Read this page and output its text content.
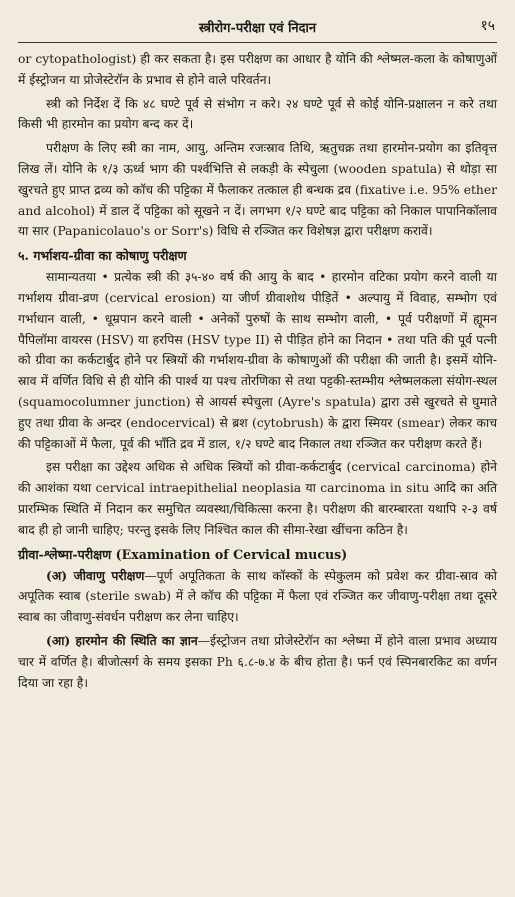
स्त्रीरोग-परीक्षा एवं निदान	१५

or cytopathologist) ही कर सकता है। इस परीक्षण का आधार है योनि की श्लेष्मल-कला के कोषाणुओं में ईस्ट्रोजन या प्रोजेस्टेरॉन के प्रभाव से होने वाले परिवर्तन।

स्त्री को निर्देश दें कि ४८ घण्टे पूर्व से संभोग न करे। २४ घण्टे पूर्व से कोई योनि-प्रक्षालन न करे तथा किसी भी हारमोन का प्रयोग बन्द कर दें।

परीक्षण के लिए स्त्री का नाम, आयु, अन्तिम रजःस्राव तिथि, ऋतुचक्र तथा हारमोन-प्रयोग का इतिवृत्त लिख लें। योनि के १/३ ऊर्ध्व भाग की पर्श्वभित्ति से लकड़ी के स्पेचुला (wooden spatula) से थोड़ा सा खुरचते हुए प्राप्त द्रव्य को कॉच की पट्टिका में फैलाकर तत्काल ही बन्धक द्रव (fixative i.e. 95% ether and alcohol) में डाल दें पट्टिका को सूखने न दें। लगभग १/२ घण्टे बाद पट्टिका को निकाल पापानिकॉलाव या सार (Papanicolauo's or Sorr's) विधि से रञ्जित कर विशेषज्ञ द्वारा परीक्षण करावें।

५. गर्भाशय-ग्रीवा का कोषाणु परीक्षण

सामान्यतया • प्रत्येक स्त्री की ३५-४० वर्ष की आयु के बाद • हारमोन वटिका प्रयोग करने वाली या गर्भाशय ग्रीवा-व्रण (cervical erosion) या जीर्ण ग्रीवाशोथ पीड़ितें • अल्पायु में विवाह, सम्भोग एवं गर्भाधान वाली, • धूम्रपान करने वाली • अनेकों पुरुषों के साथ सम्भोग वाली, • पूर्व परीक्षणों में ह्यूमन पैपिलॉमा वायरस (HSV) या हरपिस (HSV type II) से पीड़ित होने का निदान • तथा पति की पूर्व पत्नी को ग्रीवा का कर्कटार्बुद होने पर स्त्रियों की गर्भाशय-ग्रीवा के कोषाणुओं की परीक्षा की जाती है। इसमें योनि-स्राव में वर्णित विधि से ही योनि की पार्श्व या पश्च तोरणिका से तथा पट्टकी-स्तम्भीय श्लेष्मलकला संयोग-स्थल (squamocolumner junction) से आयर्स स्पेचुला (Ayre's spatula) द्वारा उसे खुरचते से घुमाते हुए तथा ग्रीवा के अन्दर (endocervical) से ब्रश (cytobrush) के द्वारा स्मियर (smear) लेकर काच की पट्टिकाओं में फैला, पूर्व की भाँति द्रव में डाल, १/२ घण्टे बाद निकाल तथा रञ्जित कर परीक्षण करते हैं।

इस परीक्षा का उद्देश्य अधिक से अधिक स्त्रियों को ग्रीवा-कर्कटार्बुद (cervical carcinoma) होने की आशंका यथा cervical intraepithelial neoplasia या carcinoma in situ आदि का अति प्रारम्भिक स्थिति में निदान कर समुचित व्यवस्था/चिकित्सा करना है। परीक्षण की बारम्बारता यथापि २-३ वर्ष बाद ही हो जानी चाहिए; परन्तु इसके लिए निश्चित काल की सीमा-रेखा खींचना कठिन है।

ग्रीवा-श्लेष्मा-परीक्षण (Examination of Cervical mucus)

(अ) जीवाणु परीक्षण—पूर्ण अपूतिकता के साथ कॉस्कों के स्पेकुलम को प्रवेश कर ग्रीवा-स्राव को अपूतिक स्वाब (sterile swab) में ले कॉच की पट्टिका में फैला एवं रञ्जित कर जीवाणु-परीक्षा तथा दूसरे स्वाब का जीवाणु-संवर्धन परीक्षण कर लेना चाहिए।

(आ) हारमोन की स्थिति का ज्ञान—ईस्ट्रोजन तथा प्रोजेस्टेरॉन का श्लेष्मा में होने वाला प्रभाव अध्याय चार में वर्णित है। बीजोत्सर्ग के समय इसका Ph ६.८-७.४ के बीच होता है। फर्न एवं स्पिनबारकिट का वर्णन दिया जा रहा है।
